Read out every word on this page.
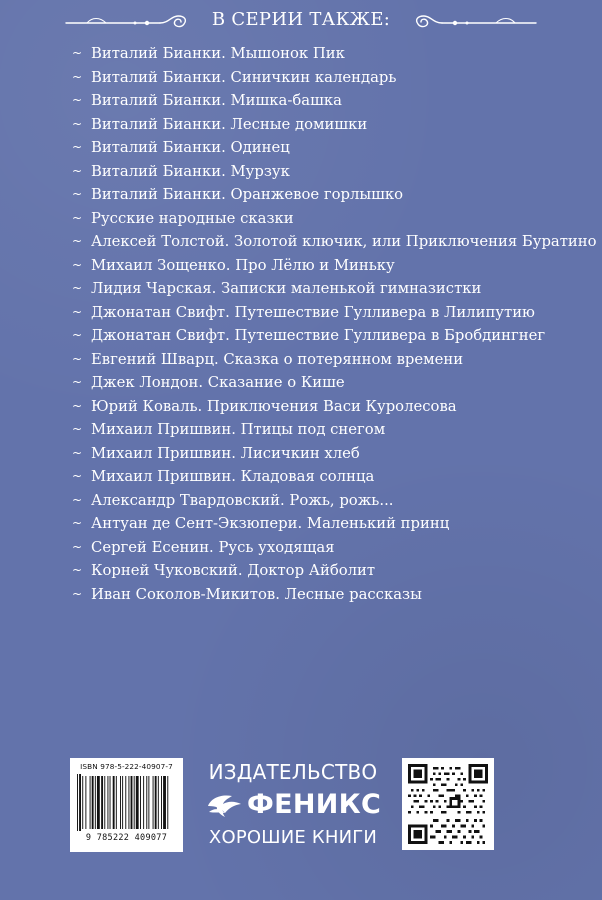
В СЕРИИ ТАКЖЕ:
~ Виталий Бианки. Мышонок Пик
~ Виталий Бианки. Синичкин календарь
~ Виталий Бианки. Мишка-башка
~ Виталий Бианки. Лесные домишки
~ Виталий Бианки. Одинец
~ Виталий Бианки. Мурзук
~ Виталий Бианки. Оранжевое горлышко
~ Русские народные сказки
~ Алексей Толстой. Золотой ключик, или Приключения Буратино
~ Михаил Зощенко. Про Лёлю и Миньку
~ Лидия Чарская. Записки маленькой гимназистки
~ Джонатан Свифт. Путешествие Гулливера в Лилипутию
~ Джонатан Свифт. Путешествие Гулливера в Бробдингнег
~ Евгений Шварц. Сказка о потерянном времени
~ Джек Лондон. Сказание о Кише
~ Юрий Коваль. Приключения Васи Куролесова
~ Михаил Пришвин. Птицы под снегом
~ Михаил Пришвин. Лисичкин хлеб
~ Михаил Пришвин. Кладовая солнца
~ Александр Твардовский. Рожь, рожь...
~ Антуан де Сент-Экзюпери. Маленький принц
~ Сергей Есенин. Русь уходящая
~ Корней Чуковский. Доктор Айболит
~ Иван Соколов-Микитов. Лесные рассказы
ISBN 978-5-222-40907-7
9 785222 409077
ИЗДАТЕЛЬСТВО
ФЕНИКС
ХОРОШИЕ КНИГИ
